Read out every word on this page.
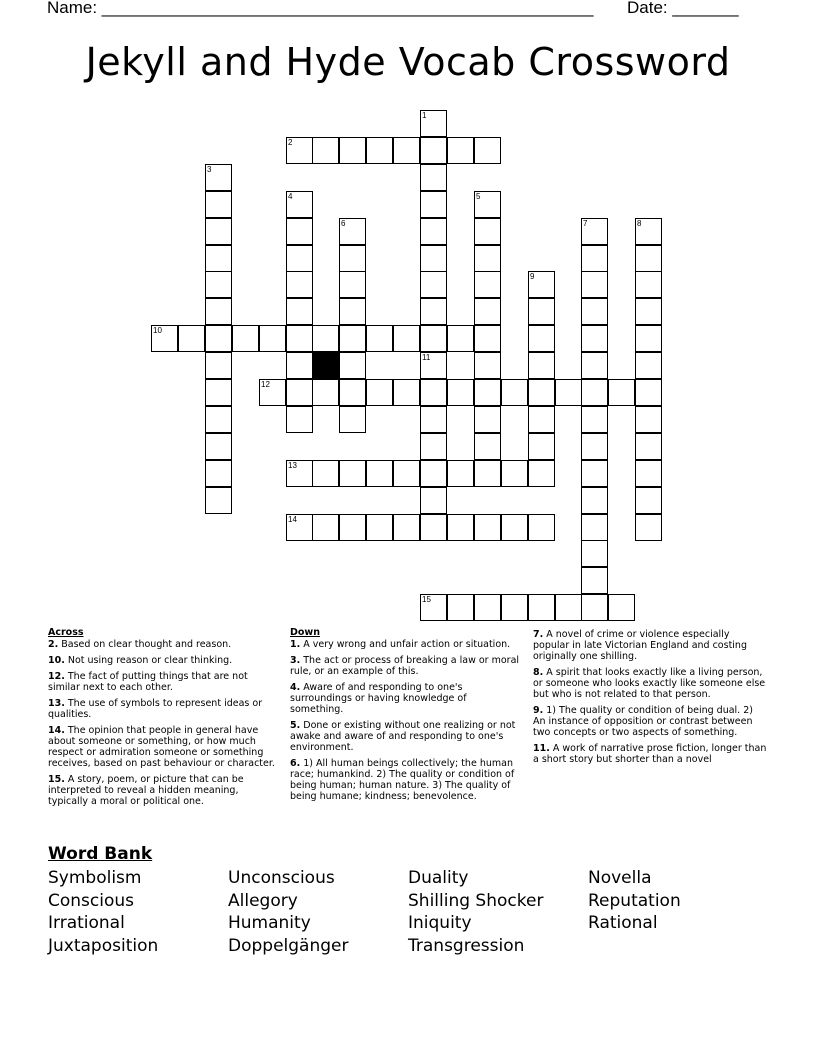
Name: ____________________________________________________ Date: _______
Jekyll and Hyde Vocab Crossword
2
10
12
13
14
15
1
11
3
4	5
6	7	8
9
Across
2. Based on clear thought and reason.
10. Not using reason or clear thinking.
12. The fact of putting things that are not similar next to each other.
13. The use of symbols to represent ideas or qualities.
14. The opinion that people in general have about someone or something, or how much respect or admiration someone or something receives, based on past behaviour or character.
15. A story, poem, or picture that can be interpreted to reveal a hidden meaning, typically a moral or political one.
Down
1. A very wrong and unfair action or situation.
3. The act or process of breaking a law or moral rule, or an example of this.
4. Aware of and responding to one's surroundings or having knowledge of something.
5. Done or existing without one realizing or not awake and aware of and responding to one's environment.
6. 1) All human beings collectively; the human race; humankind. 2) The quality or condition of being human; human nature. 3) The quality of being humane; kindness; benevolence.
7. A novel of crime or violence especially popular in late Victorian England and costing originally one shilling.
8. A spirit that looks exactly like a living person, or someone who looks exactly like someone else but who is not related to that person.
9. 1) The quality or condition of being dual. 2) An instance of opposition or contrast between two concepts or two aspects of something.
11. A work of narrative prose fiction, longer than a short story but shorter than a novel
Word Bank
Symbolism
Conscious
Irrational
Juxtaposition
Unconscious
Allegory
Humanity
Doppelgänger
Duality
Shilling Shocker
Iniquity
Transgression
Novella
Reputation
Rational
